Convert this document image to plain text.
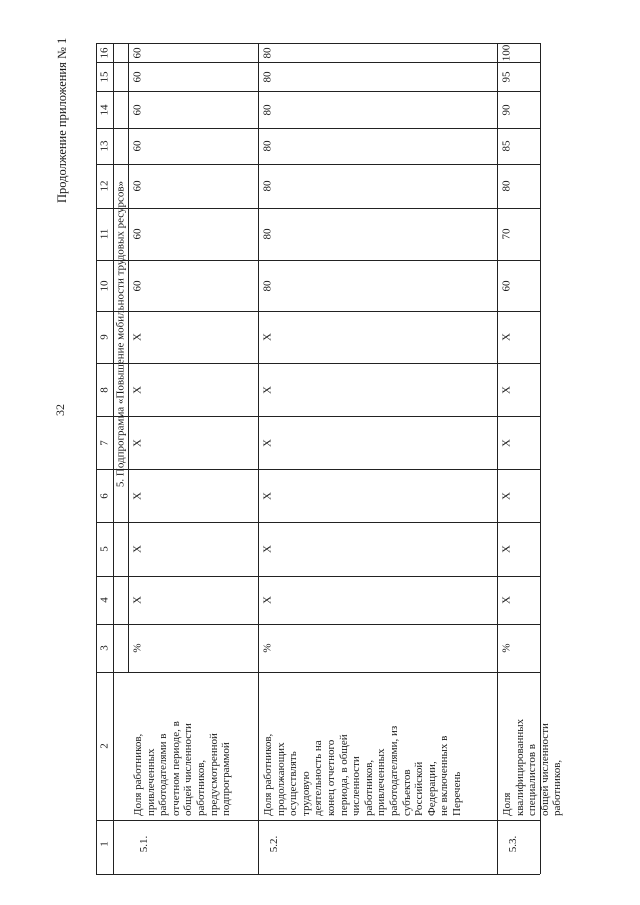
32
Продолжение приложения № 1
1
2
3
4
5
6
7
8
9
10
11
12
13
14
15
16
5. Подпрограмма «Повышение мобильности трудовых ресурсов»
5.1.
Доля работников, привлеченных работодателями в отчетном периоде, в общей численности работников, предусмотренной подпрограммой
%
X
X
X
X
X
X
60
60
60
60
60
60
60
5.2.
Доля работников, продолжающих осуществлять трудовую деятельность на конец отчетного периода, в общей численности работников, привлеченных работодателями, из субъектов Российской Федерации, не включенных в Перечень
%
X
X
X
X
X
X
80
80
80
80
80
80
80
5.3.
Доля квалифицированных специалистов в общей численности работников,
%
X
X
X
X
X
X
60
70
80
85
90
95
100
